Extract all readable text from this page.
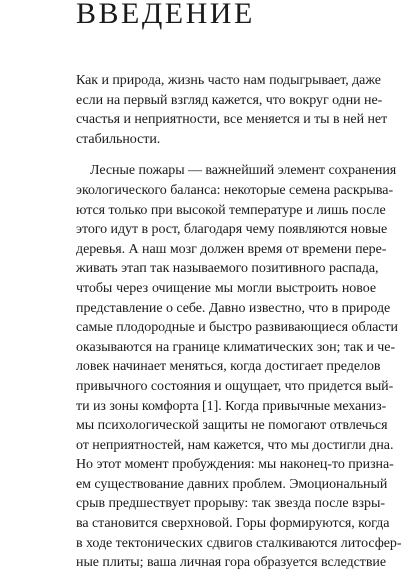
ВВЕДЕНИЕ
Как и природа, жизнь часто нам подыгрывает, даже
если на первый взгляд кажется, что вокруг одни не-
счастья и неприятности, все меняется и ты в ней нет
стабильности.
Лесные пожары — важнейший элемент сохранения
экологического баланса: некоторые семена раскрыва-
ются только при высокой температуре и лишь после
этого идут в рост, благодаря чему появляются новые
деревья. А наш мозг должен время от времени пере-
живать этап так называемого позитивного распада,
чтобы через очищение мы могли выстроить новое
представление о себе. Давно известно, что в природе
самые плодородные и быстро развивающиеся области
оказываются на границе климатических зон; так и че-
ловек начинает меняться, когда достигает пределов
привычного состояния и ощущает, что придется вый-
ти из зоны комфорта [1]. Когда привычные механиз-
мы психологической защиты не помогают отвлечься
от неприятностей, нам кажется, что мы достигли дна.
Но этот момент пробуждения: мы наконец-то призна-
ем существование давних проблем. Эмоциональный
срыв предшествует прорыву: так звезда после взры-
ва становится сверхновой. Горы формируются, когда
в ходе тектонических сдвигов сталкиваются литосфер-
ные плиты; ваша личная гора образуется вследствие
